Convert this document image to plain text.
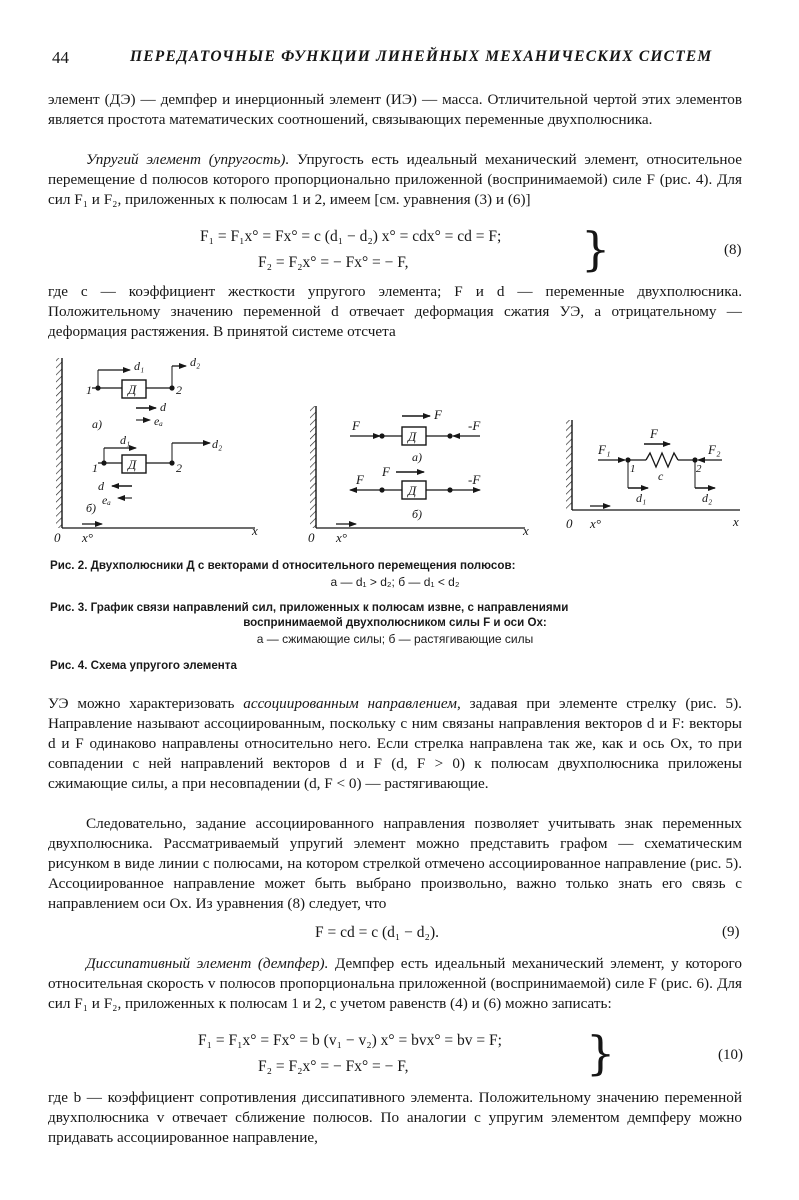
44	ПЕРЕДАТОЧНЫЕ ФУНКЦИИ ЛИНЕЙНЫХ МЕХАНИЧЕСКИХ СИСТЕМ

элемент (ДЭ) — демпфер и инерционный элемент (ИЭ) — масса. Отличительной чертой этих элементов является простота математических соотношений, связывающих переменные двухполюсника.

Упругий элемент (упругость). Упругость есть идеальный механический элемент, относительное перемещение d полюсов которого пропорционально приложенной (воспринимаемой) силе F (рис. 4). Для сил F₁ и F₂, приложенных к полюсам 1 и 2, имеем [см. уравнения (3) и (6)]

F₁ = F₁x° = Fx° = c (d₁ − d₂) x° = cdx° = cd = F;
F₂ = F₂x° = − Fx° = − F,	}	(8)

где c — коэффициент жесткости упругого элемента; F и d — переменные двухполюсника. Положительному значению переменной d отвечает деформация сжатия УЭ, а отрицательному — деформация растяжения. В принятой системе отсчета

0 x°	x
Д
1	2
d₁	d₂
d
eₐ
а)
Д
1	2
d₁	d₂
d
eₐ
б)
0 x°	x
F
Д
-F
F
а)
F
Д
-F
F
б)
0 x°	x
F₁	F₂
F
c
1	2
d₁	d₂
Рис. 2. Двухполюсники Д с векторами d относительного перемещения полюсов:
а — d₁ > d₂; б — d₁ < d₂
Рис. 3. График связи направлений сил, приложенных к полюсам извне, с направлениями
воспринимаемой двухполюсником силы F и оси Ox:
а — сжимающие силы; б — растягивающие силы
Рис. 4. Схема упругого элемента

УЭ можно характеризовать ассоциированным направлением, задавая при элементе стрелку (рис. 5). Направление называют ассоциированным, поскольку с ним связаны направления векторов d и F: векторы d и F одинаково направлены относительно него. Если стрелка направлена так же, как и ось Ox, то при совпадении с ней направлений векторов d и F (d, F > 0) к полюсам двухполюсника приложены сжимающие силы, а при несовпадении (d, F < 0) — растягивающие.

Следовательно, задание ассоциированного направления позволяет учитывать знак переменных двухполюсника. Рассматриваемый упругий элемент можно представить графом — схематическим рисунком в виде линии с полюсами, на котором стрелкой отмечено ассоциированное направление (рис. 5). Ассоциированное направление может быть выбрано произвольно, важно только знать его связь с направлением оси Ox. Из уравнения (8) следует, что

F = cd = c (d₁ − d₂).	(9)

Диссипативный элемент (демпфер). Демпфер есть идеальный механический элемент, у которого относительная скорость v полюсов пропорциональна приложенной (воспринимаемой) силе F (рис. 6). Для сил F₁ и F₂, приложенных к полюсам 1 и 2, с учетом равенств (4) и (6) можно записать:

F₁ = F₁x° = Fx° = b (v₁ − v₂) x° = bvx° = bv = F;
F₂ = F₂x° = − Fx° = − F,	}	(10)

где b — коэффициент сопротивления диссипативного элемента. Положительному значению переменной двухполюсника v отвечает сближение полюсов. По аналогии с упругим элементом демпферу можно придавать ассоциированное направление,
